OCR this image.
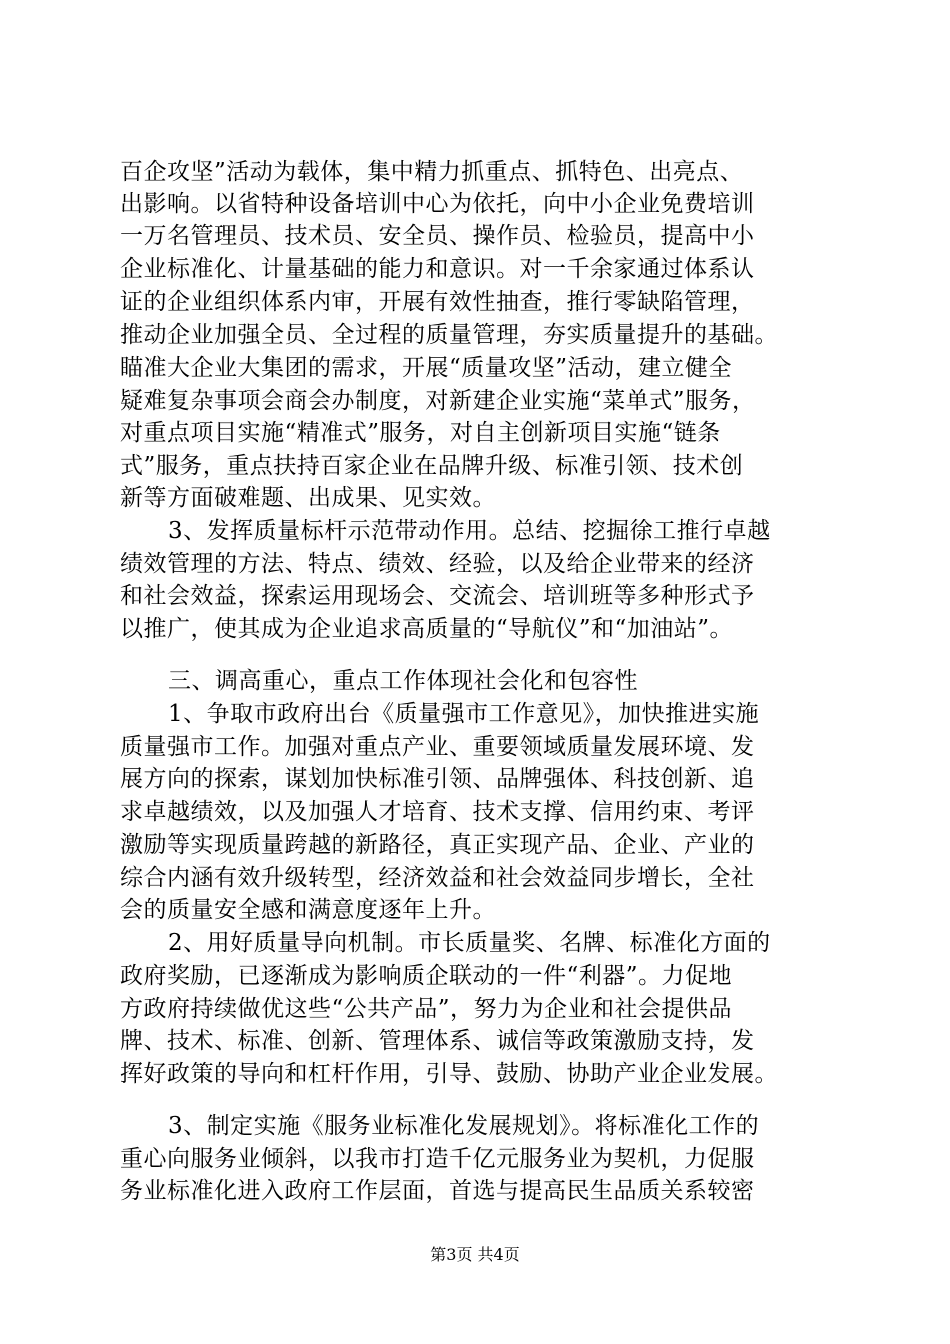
百企攻坚”活动为载体，集中精力抓重点、抓特色、出亮点、
出影响。以省特种设备培训中心为依托，向中小企业免费培训
一万名管理员、技术员、安全员、操作员、检验员，提高中小
企业标准化、计量基础的能力和意识。对一千余家通过体系认
证的企业组织体系内审，开展有效性抽查，推行零缺陷管理，
推动企业加强全员、全过程的质量管理，夯实质量提升的基础。
瞄准大企业大集团的需求，开展“质量攻坚”活动，建立健全
疑难复杂事项会商会办制度，对新建企业实施“菜单式”服务，
对重点项目实施“精准式”服务，对自主创新项目实施“链条
式”服务，重点扶持百家企业在品牌升级、标准引领、技术创
新等方面破难题、出成果、见实效。
3、发挥质量标杆示范带动作用。总结、挖掘徐工推行卓越
绩效管理的方法、特点、绩效、经验，以及给企业带来的经济
和社会效益，探索运用现场会、交流会、培训班等多种形式予
以推广，使其成为企业追求高质量的“导航仪”和“加油站”。
三、调高重心，重点工作体现社会化和包容性
1、争取市政府出台《质量强市工作意见》，加快推进实施
质量强市工作。加强对重点产业、重要领域质量发展环境、发
展方向的探索，谋划加快标准引领、品牌强体、科技创新、追
求卓越绩效，以及加强人才培育、技术支撑、信用约束、考评
激励等实现质量跨越的新路径，真正实现产品、企业、产业的
综合内涵有效升级转型，经济效益和社会效益同步增长，全社
会的质量安全感和满意度逐年上升。
2、用好质量导向机制。市长质量奖、名牌、标准化方面的
政府奖励，已逐渐成为影响质企联动的一件“利器”。力促地
方政府持续做优这些“公共产品”，努力为企业和社会提供品
牌、技术、标准、创新、管理体系、诚信等政策激励支持，发
挥好政策的导向和杠杆作用，引导、鼓励、协助产业企业发展。
3、制定实施《服务业标准化发展规划》。将标准化工作的
重心向服务业倾斜，以我市打造千亿元服务业为契机，力促服
务业标准化进入政府工作层面，首选与提高民生品质关系较密
第3页 共4页
